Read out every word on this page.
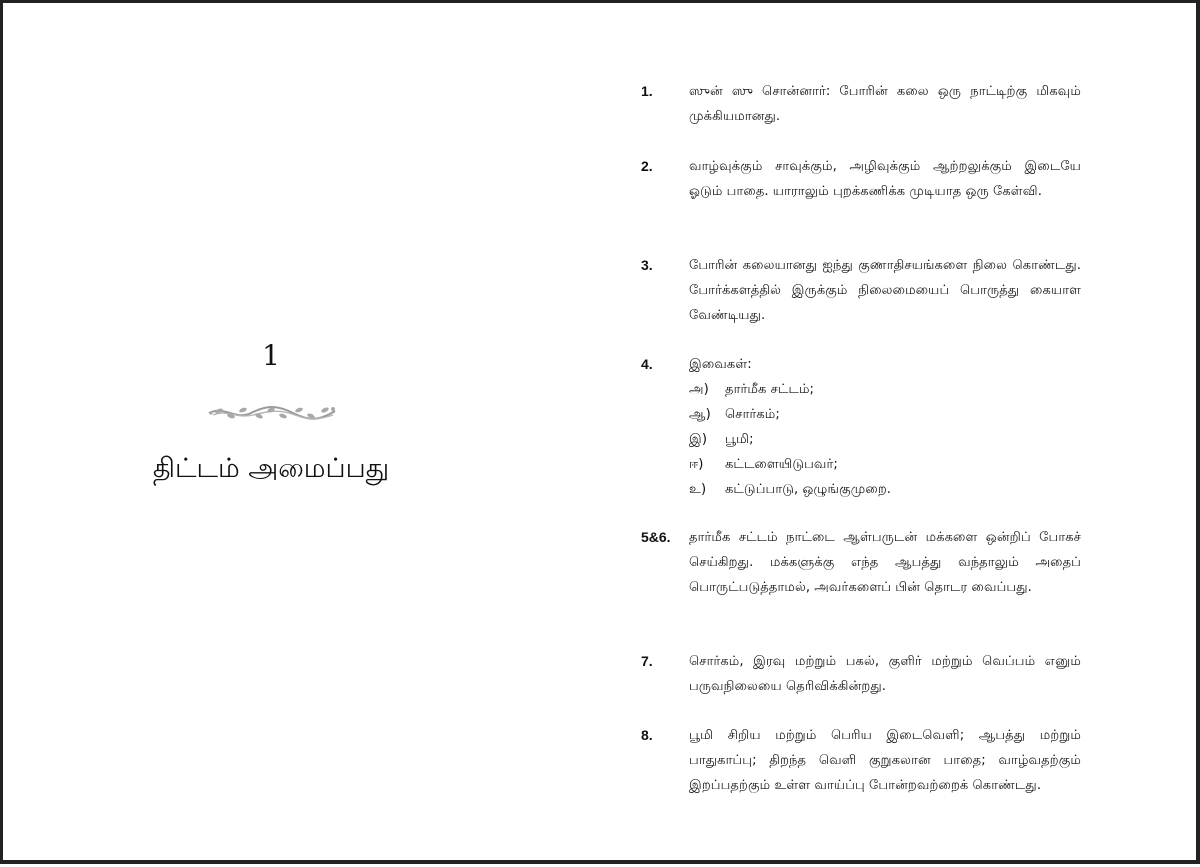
1
திட்டம் அமைப்பது
1.	ஸுன் ஸு சொன்னார்: போரின் கலை ஒரு நாட்டிற்கு மிகவும் முக்கியமானது.
2.	வாழ்வுக்கும் சாவுக்கும், அழிவுக்கும் ஆற்றலுக்கும் இடையே ஓடும் பாதை. யாராலும் புறக்கணிக்க முடியாத ஒரு கேள்வி.
3.	போரின் கலையானது ஐந்து குணாதிசயங்களை நிலை கொண்டது. போர்க்களத்தில் இருக்கும் நிலைமையைப் பொருத்து கையாள வேண்டியது.
4.	இவைகள்:
அ) தார்மீக சட்டம்;
ஆ) சொர்கம்;
இ) பூமி;
ஈ) கட்டளையிடுபவர்;
உ) கட்டுப்பாடு, ஒழுங்குமுறை.
5&6. தார்மீக சட்டம் நாட்டை ஆள்பருடன் மக்களை ஒன்றிப் போகச் செய்கிறது. மக்களுக்கு எந்த ஆபத்து வந்தாலும் அதைப் பொருட்படுத்தாமல், அவர்களைப் பின் தொடர வைப்பது.
7.	சொர்கம், இரவு மற்றும் பகல், குளிர் மற்றும் வெப்பம் எனும் பருவநிலையை தெரிவிக்கின்றது.
8.	பூமி சிறிய மற்றும் பெரிய இடைவெளி; ஆபத்து மற்றும் பாதுகாப்பு; திறந்த வெளி குறுகலான பாதை; வாழ்வதற்கும் இறப்பதற்கும் உள்ள வாய்ப்பு போன்றவற்றைக் கொண்டது.
